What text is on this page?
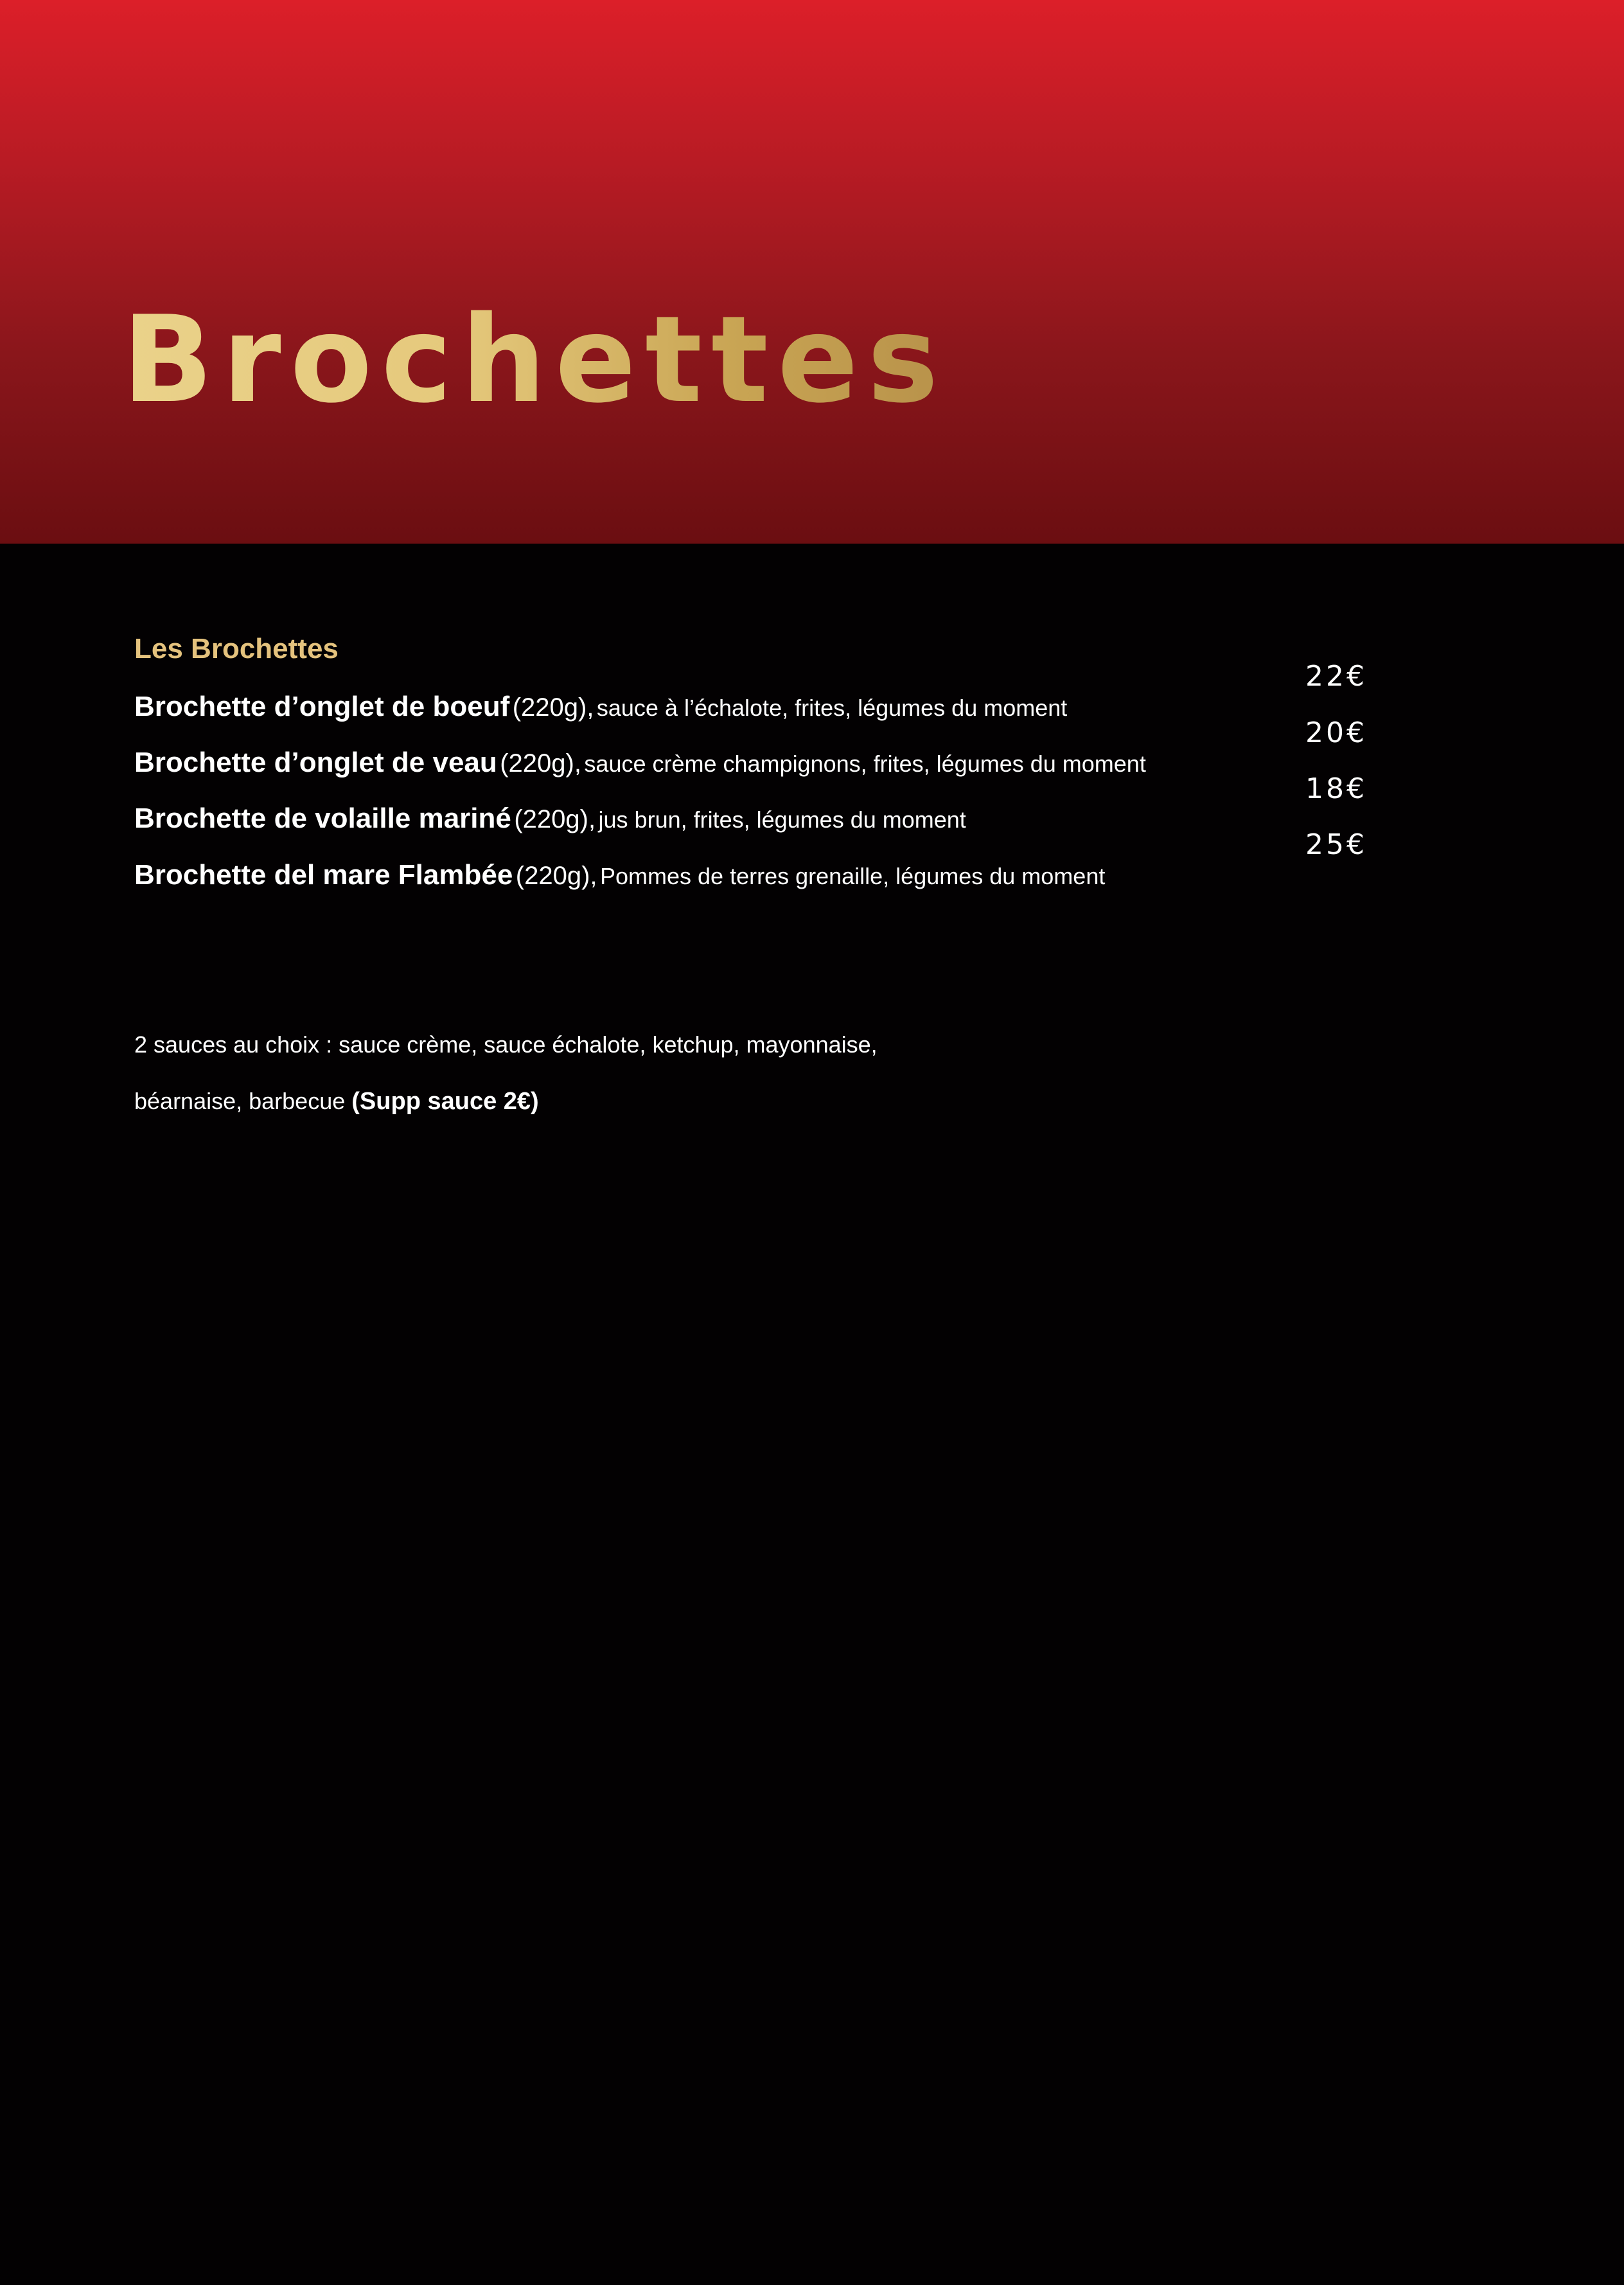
Brochettes
Les Brochettes
Brochette d’onglet de boeuf (220g), sauce à l’échalote, frites, légumes du moment
Brochette d’onglet de veau (220g), sauce crème champignons, frites, légumes du moment
Brochette de volaille mariné (220g), jus brun, frites, légumes du moment
Brochette del mare Flambée (220g), Pommes de terres grenaille, légumes du moment
22€
20€
18€
25€
2 sauces au choix : sauce crème, sauce échalote, ketchup, mayonnaise,
béarnaise, barbecue (Supp sauce 2€)
